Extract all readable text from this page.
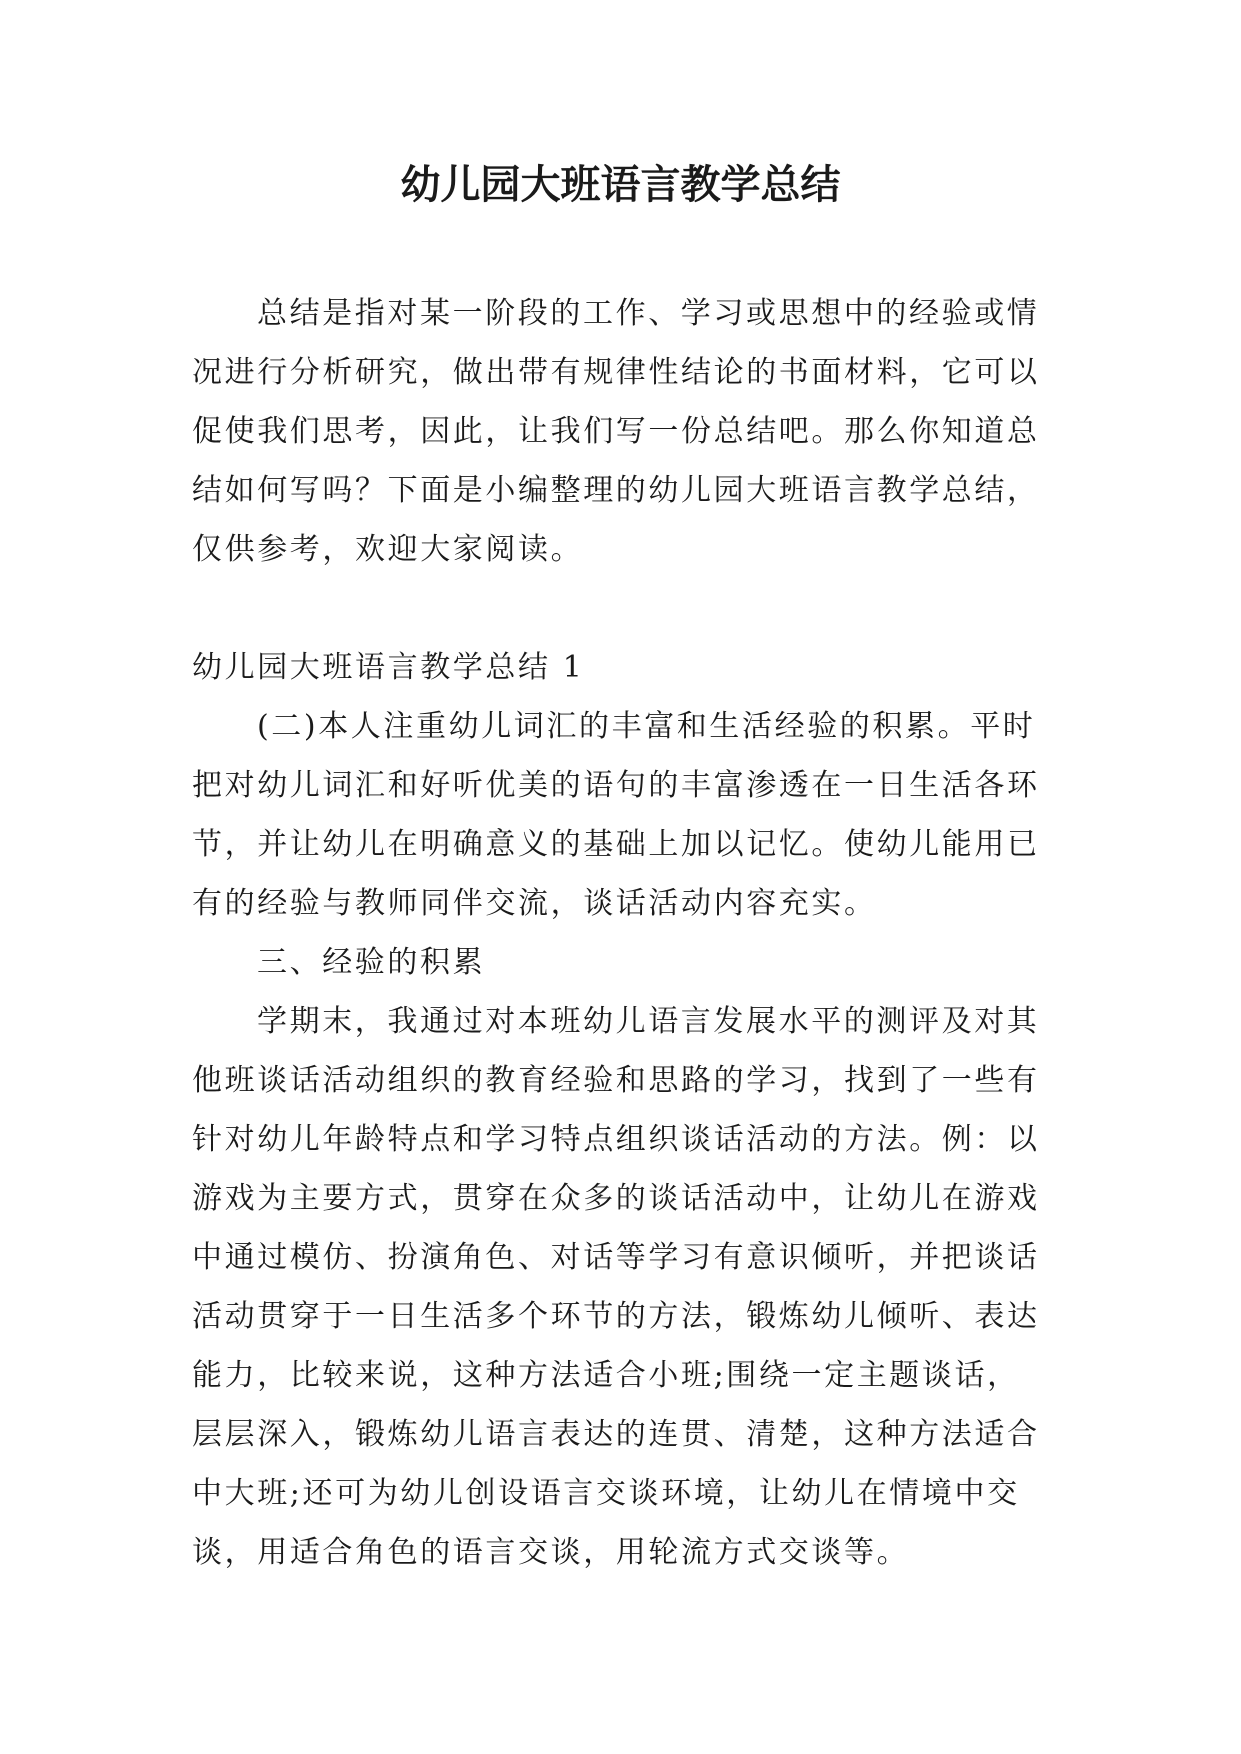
幼儿园大班语言教学总结

总结是指对某一阶段的工作、学习或思想中的经验或情况进行分析研究，做出带有规律性结论的书面材料，它可以促使我们思考，因此，让我们写一份总结吧。那么你知道总结如何写吗？下面是小编整理的幼儿园大班语言教学总结，仅供参考，欢迎大家阅读。

幼儿园大班语言教学总结 1

(二)本人注重幼儿词汇的丰富和生活经验的积累。平时把对幼儿词汇和好听优美的语句的丰富渗透在一日生活各环节，并让幼儿在明确意义的基础上加以记忆。使幼儿能用已有的经验与教师同伴交流，谈话活动内容充实。

三、经验的积累

学期末，我通过对本班幼儿语言发展水平的测评及对其他班谈话活动组织的教育经验和思路的学习，找到了一些有针对幼儿年龄特点和学习特点组织谈话活动的方法。例：以游戏为主要方式，贯穿在众多的谈话活动中，让幼儿在游戏中通过模仿、扮演角色、对话等学习有意识倾听，并把谈话活动贯穿于一日生活多个环节的方法，锻炼幼儿倾听、表达能力，比较来说，这种方法适合小班;围绕一定主题谈话，层层深入，锻炼幼儿语言表达的连贯、清楚，这种方法适合中大班;还可为幼儿创设语言交谈环境，让幼儿在情境中交谈，用适合角色的语言交谈，用轮流方式交谈等。
